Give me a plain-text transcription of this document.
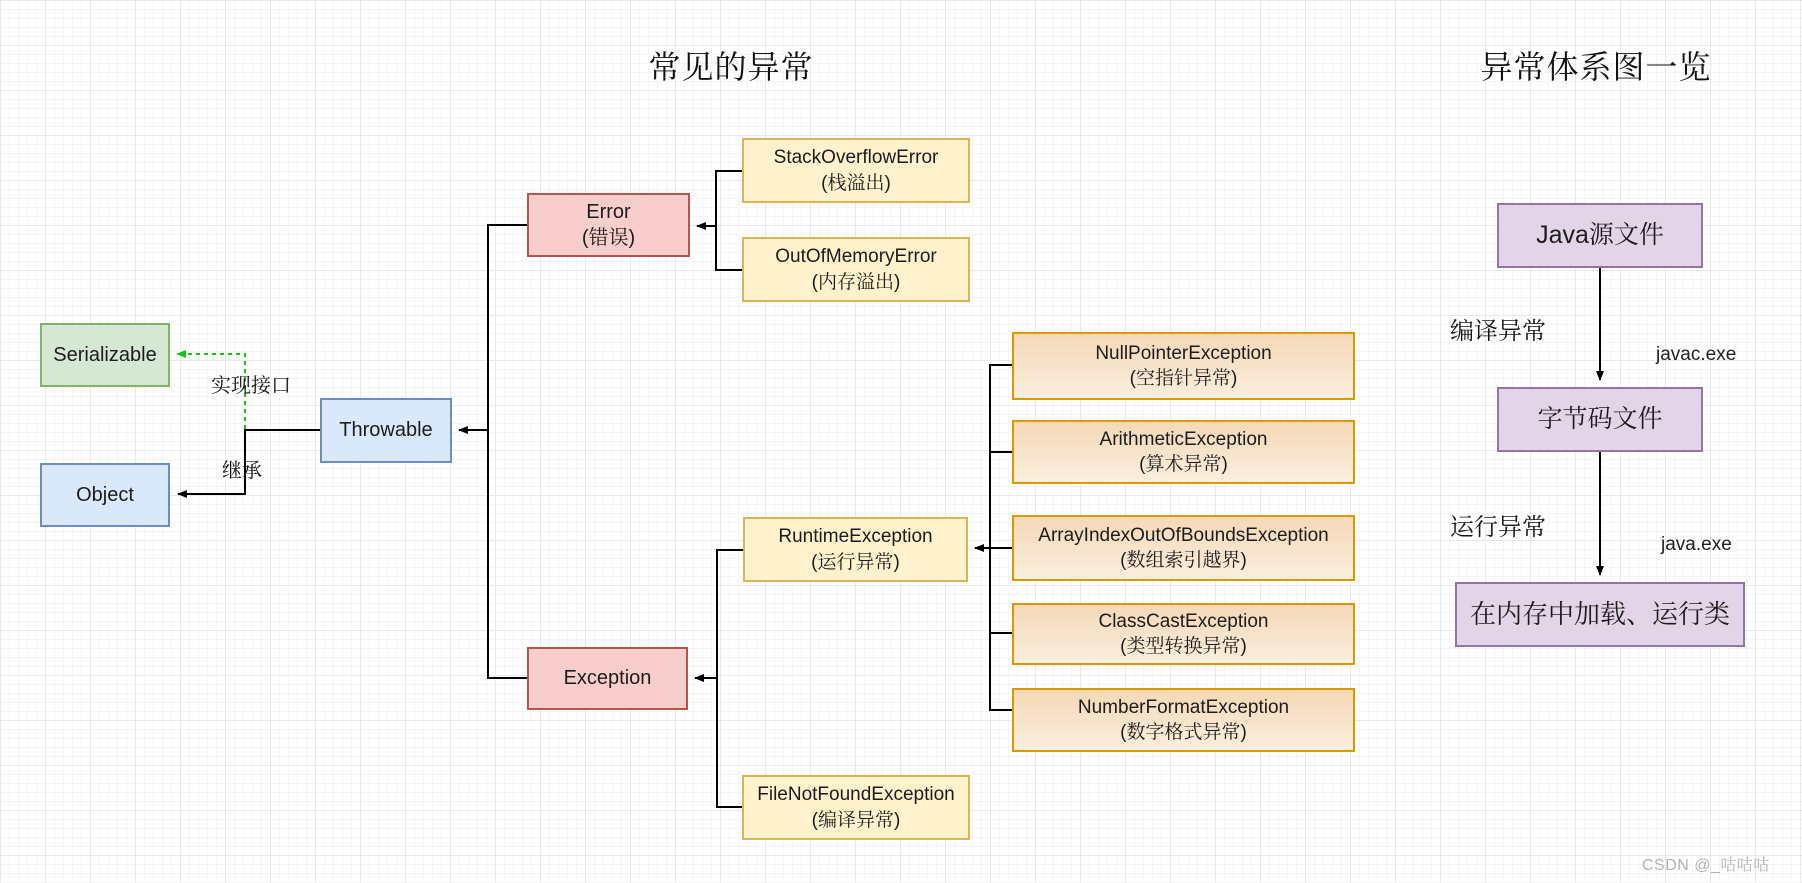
常见的异常	异常体系图一览
Serializable
Object
Throwable
Error
(错误)
Exception
StackOverflowError
(栈溢出)
OutOfMemoryError
(内存溢出)
RuntimeException
(运行异常)
FileNotFoundException
(编译异常)
NullPointerException
(空指针异常)
ArithmeticException
(算术异常)
ArrayIndexOutOfBoundsException
(数组索引越界)
ClassCastException
(类型转换异常)
NumberFormatException
(数字格式异常)
Java源文件
字节码文件
在内存中加载、运行类
实现接口
继承
编译异常
javac.exe
运行异常
java.exe
CSDN @_咕咕咕
